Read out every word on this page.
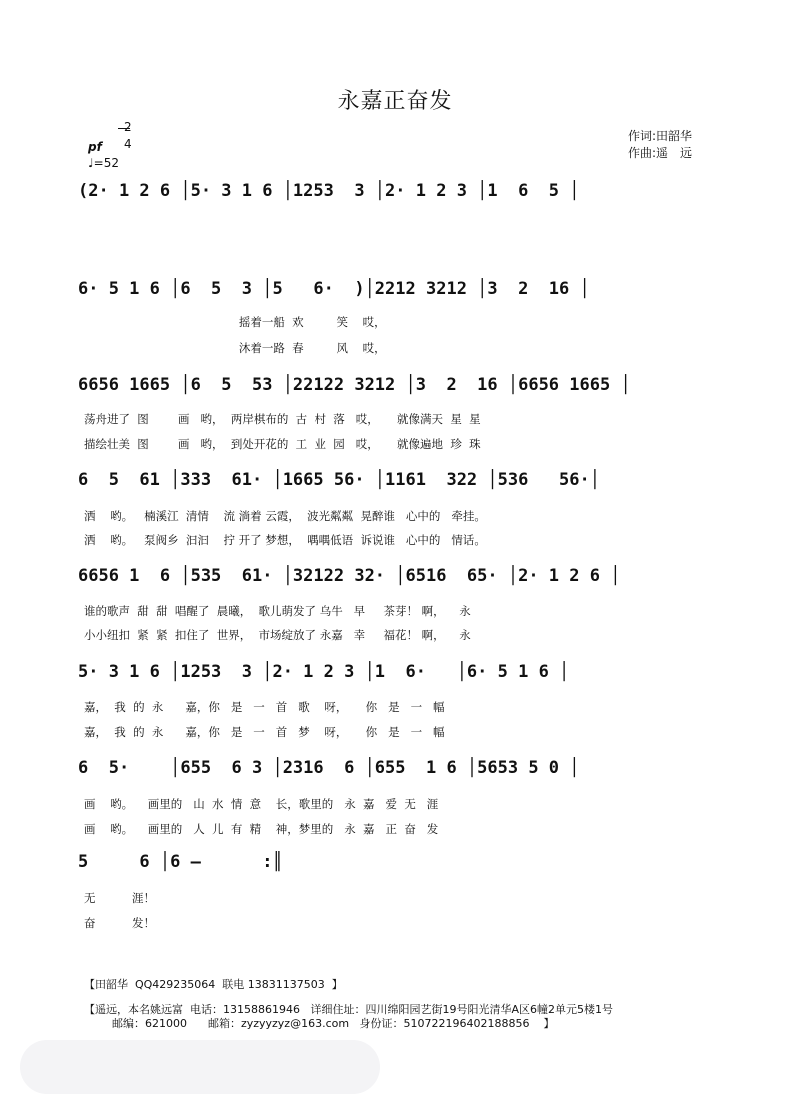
永嘉正奋发
作词:田韶华
作曲:遥　远
2
4
pf
♩=52
(2· 1 2 6 │5· 3 1 6 │1253  3 │2· 1 2 3 │1  6  5 │
6· 5 1 6 │6  5  3 │5   6·  )│2212 3212 │3  2  16 │
摇着一船  欢         笑    哎，
沐着一路  春         风    哎，
6656 1665 │6  5  53 │22122 3212 │3  2  16 │6656 1665 │
荡舟进了  图        画   哟，  两岸棋布的  古  村  落   哎，     就像满天  星  星
描绘壮美  图        画   哟，  到处开花的  工  业  园   哎，     就像遍地  珍  珠
6  5  61 │333  61· │1665 56· │1161  322 │536   56·│
洒    哟。   楠溪江  清情    流 淌着 云霞，  波光粼粼  晃醉谁   心中的   牵挂。
洒    哟。   泵阀乡  汩汩    拧 开了 梦想，  喁喁低语  诉说谁   心中的   情话。
6656 1  6 │535  61· │32122 32· │6516  65· │2· 1 2 6 │
谁的歌声  甜  甜  唱醒了  晨曦，  歌儿萌发了 乌牛   早     茶芽！ 啊，    永
小小纽扣  紧  紧  扣住了  世界，  市场绽放了 永嘉   幸     福花！ 啊，    永
5· 3 1 6 │1253  3 │2· 1 2 3 │1  6·   │6· 5 1 6 │
嘉，  我  的  永      嘉，你   是   一   首   歌    呀，     你   是   一   幅
嘉，  我  的  永      嘉，你   是   一   首   梦    呀，     你   是   一   幅
6  5·    │655  6 3 │2316  6 │655  1 6 │5653 5 0 │
画    哟。    画里的   山  水  情  意    长，歌里的   永  嘉   爱  无   涯
画    哟。    画里的   人  儿  有  精    神，梦里的   永  嘉   正  奋   发
5     6 │6 —      :║
无          涯！
奋          发！
【田韶华  QQ429235064  联电 13831137503  】
【遥远，本名姚远富  电话：13158861946   详细住址：四川绵阳园艺街19号阳光清华A区6幢2单元5楼1号
邮编：621000      邮箱：zyzyyzyz@163.com   身份证：510722196402188856    】
